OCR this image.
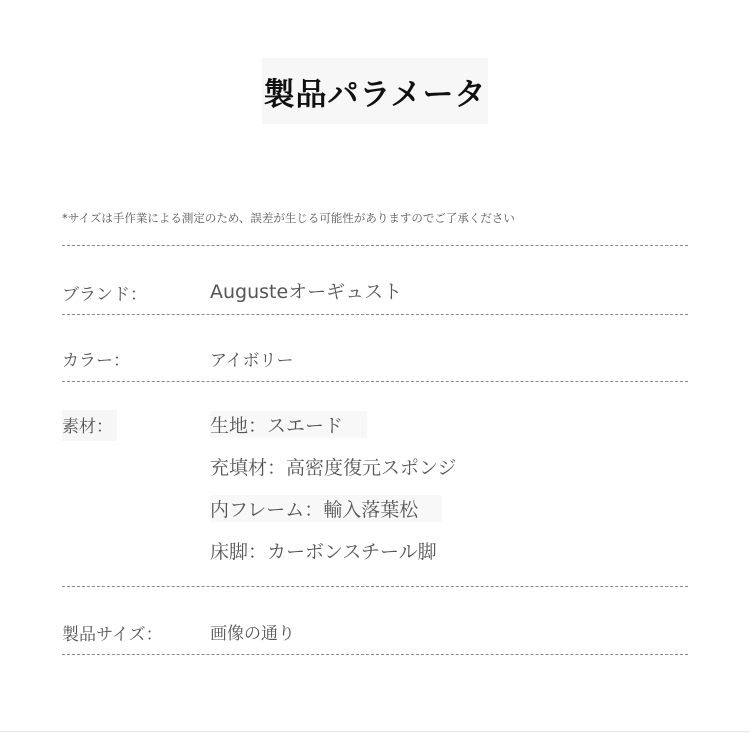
製品パラメータ
*サイズは手作業による測定のため、誤差が生じる可能性がありますのでご了承ください
ブランド：	Augusteオーギュスト
カラー：	アイボリー
素材：	生地：スエード
充填材：高密度復元スポンジ
内フレーム：輸入落葉松
床脚：カーボンスチール脚
製品サイズ：	画像の通り
